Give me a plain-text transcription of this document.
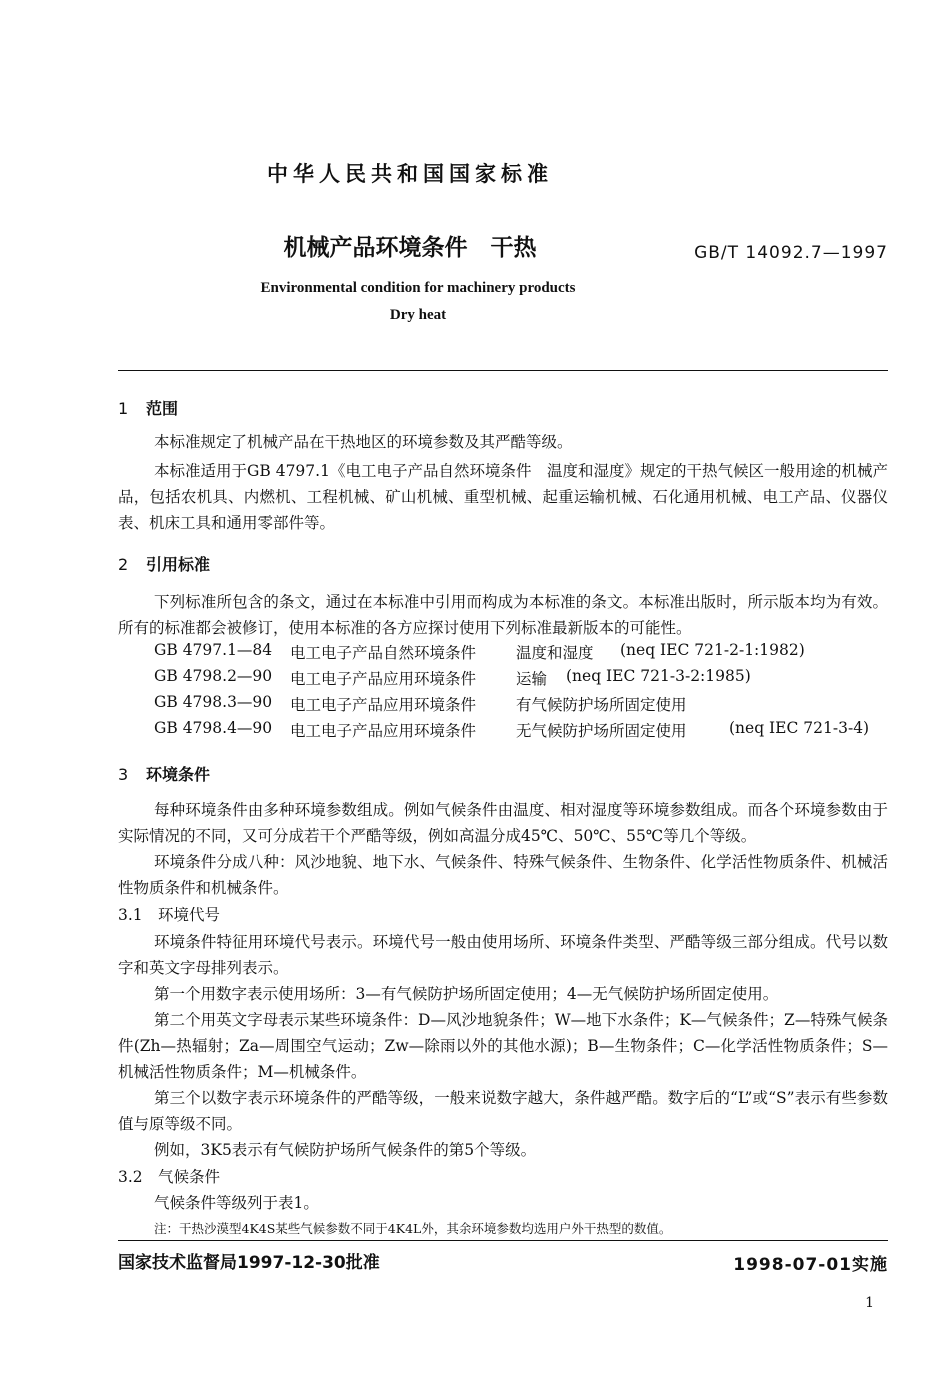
中华人民共和国国家标准
机械产品环境条件　干热	GB/T 14092.7—1997
Environmental condition for machinery products
Dry heat
1 范围
本标准规定了机械产品在干热地区的环境参数及其严酷等级。
本标准适用于GB 4797.1《电工电子产品自然环境条件　温度和湿度》规定的干热气候区一般用途的机械产品，包括农机具、内燃机、工程机械、矿山机械、重型机械、起重运输机械、石化通用机械、电工产品、仪器仪表、机床工具和通用零部件等。
2 引用标准
下列标准所包含的条文，通过在本标准中引用而构成为本标准的条文。本标准出版时，所示版本均为有效。所有的标准都会被修订，使用本标准的各方应探讨使用下列标准最新版本的可能性。
GB 4797.1—84 电工电子产品自然环境条件	温度和湿度 (neq IEC 721-2-1:1982)
GB 4798.2—90 电工电子产品应用环境条件	运输 (neq IEC 721-3-2:1985)
GB 4798.3—90 电工电子产品应用环境条件	有气候防护场所固定使用
GB 4798.4—90 电工电子产品应用环境条件	无气候防护场所固定使用	(neq IEC 721-3-4)
3 环境条件
每种环境条件由多种环境参数组成。例如气候条件由温度、相对湿度等环境参数组成。而各个环境参数由于实际情况的不同，又可分成若干个严酷等级，例如高温分成45℃、50℃、55℃等几个等级。
环境条件分成八种：风沙地貌、地下水、气候条件、特殊气候条件、生物条件、化学活性物质条件、机械活性物质条件和机械条件。
3.1 环境代号
环境条件特征用环境代号表示。环境代号一般由使用场所、环境条件类型、严酷等级三部分组成。代号以数字和英文字母排列表示。
第一个用数字表示使用场所：3—有气候防护场所固定使用；4—无气候防护场所固定使用。
第二个用英文字母表示某些环境条件：D—风沙地貌条件；W—地下水条件；K—气候条件；Z—特殊气候条件(Zh—热辐射；Za—周围空气运动；Zw—除雨以外的其他水源)；B—生物条件；C—化学活性物质条件；S—机械活性物质条件；M—机械条件。
第三个以数字表示环境条件的严酷等级，一般来说数字越大，条件越严酷。数字后的“L”或“S”表示有些参数值与原等级不同。
例如，3K5表示有气候防护场所气候条件的第5个等级。
3.2 气候条件
气候条件等级列于表1。
注：干热沙漠型4K4S某些气候参数不同于4K4L外，其余环境参数均选用户外干热型的数值。
国家技术监督局1997-12-30批准	1998-07-01实施
1
